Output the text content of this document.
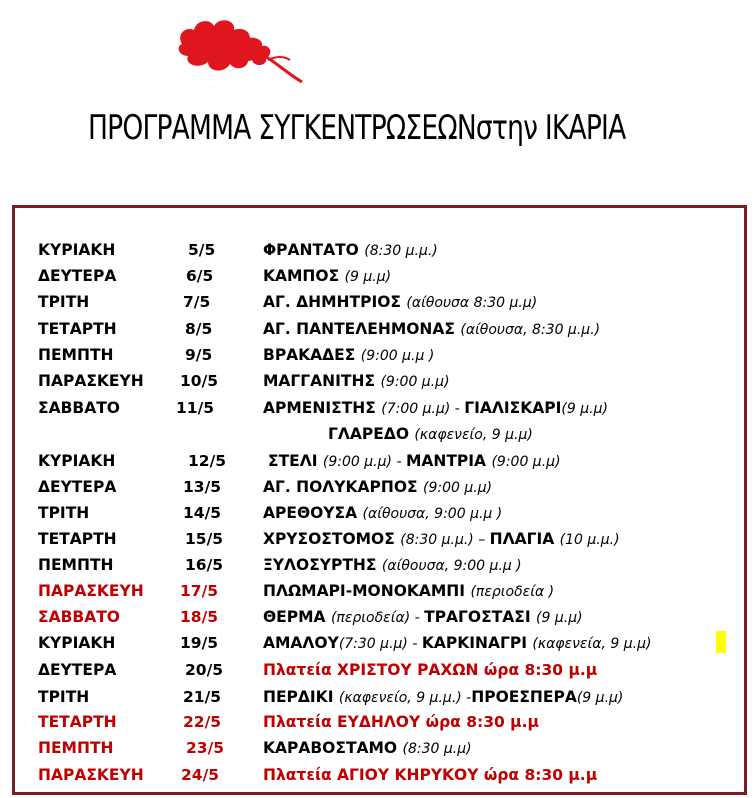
ΠΡΟΓΡΑΜΜΑ ΣΥΓΚΕΝΤΡΩΣΕΩΝστην ΙΚΑΡΙΑ
ΚΥΡΙΑΚΗ	5/5	ΦΡΑΝΤΑΤΟ (8:30 μ.μ.)
ΔΕΥΤΕΡΑ	6/5	ΚΑΜΠΟΣ (9 μ.μ)
ΤΡΙΤΗ	7/5	ΑΓ. ΔΗΜΗΤΡΙΟΣ (αίθουσα 8:30 μ.μ)
ΤΕΤΑΡΤΗ	8/5	ΑΓ. ΠΑΝΤΕΛΕΗΜΟΝΑΣ (αίθουσα, 8:30 μ.μ.)
ΠΕΜΠΤΗ	9/5	ΒΡΑΚΑΔΕΣ (9:00 μ.μ )
ΠΑΡΑΣΚΕΥΗ 10/5	ΜΑΓΓΑΝΙΤΗΣ (9:00 μ.μ)
ΣΑΒΒΑΤΟ	11/5	ΑΡΜΕΝΙΣΤΗΣ (7:00 μ.μ) - ΓΙΑΛΙΣΚΑΡΙ(9 μ.μ)
ΓΛΑΡΕΔΟ (καφενείο, 9 μ.μ)
ΚΥΡΙΑΚΗ	12/5	ΣΤΕΛΙ (9:00 μ.μ) - ΜΑΝΤΡΙΑ (9:00 μ.μ)
ΔΕΥΤΕΡΑ	13/5	ΑΓ. ΠΟΛΥΚΑΡΠΟΣ (9:00 μ.μ)
ΤΡΙΤΗ	14/5	ΑΡΕΘΟΥΣΑ (αίθουσα, 9:00 μ.μ )
ΤΕΤΑΡΤΗ	15/5	ΧΡΥΣΟΣΤΟΜΟΣ (8:30 μ.μ.) – ΠΛΑΓΙΑ (10 μ.μ.)
ΠΕΜΠΤΗ	16/5	ΞΥΛΟΣΥΡΤΗΣ (αίθουσα, 9:00 μ.μ )
ΠΑΡΑΣΚΕΥΗ 17/5	ΠΛΩΜΑΡΙ-ΜΟΝΟΚΑΜΠΙ (περιοδεία )
ΣΑΒΒΑΤΟ	18/5	ΘΕΡΜΑ (περιοδεία) - ΤΡΑΓΟΣΤΑΣΙ (9 μ.μ)
ΚΥΡΙΑΚΗ	19/5	ΑΜΑΛΟΥ(7:30 μ.μ) - ΚΑΡΚΙΝΑΓΡΙ (καφενεία, 9 μ.μ)
ΔΕΥΤΕΡΑ	20/5	Πλατεία ΧΡΙΣΤΟΥ ΡΑΧΩΝ ώρα 8:30 μ.μ
ΤΡΙΤΗ	21/5	ΠΕΡΔΙΚΙ (καφενείο, 9 μ.μ.) -ΠΡΟΕΣΠΕΡΑ(9 μ.μ)
ΤΕΤΑΡΤΗ	22/5	Πλατεία ΕΥΔΗΛΟΥ ώρα 8:30 μ.μ
ΠΕΜΠΤΗ	23/5	ΚΑΡΑΒΟΣΤΑΜΟ (8:30 μ.μ)
ΠΑΡΑΣΚΕΥΗ 24/5	Πλατεία ΑΓΙΟΥ ΚΗΡΥΚΟΥ ώρα 8:30 μ.μ
